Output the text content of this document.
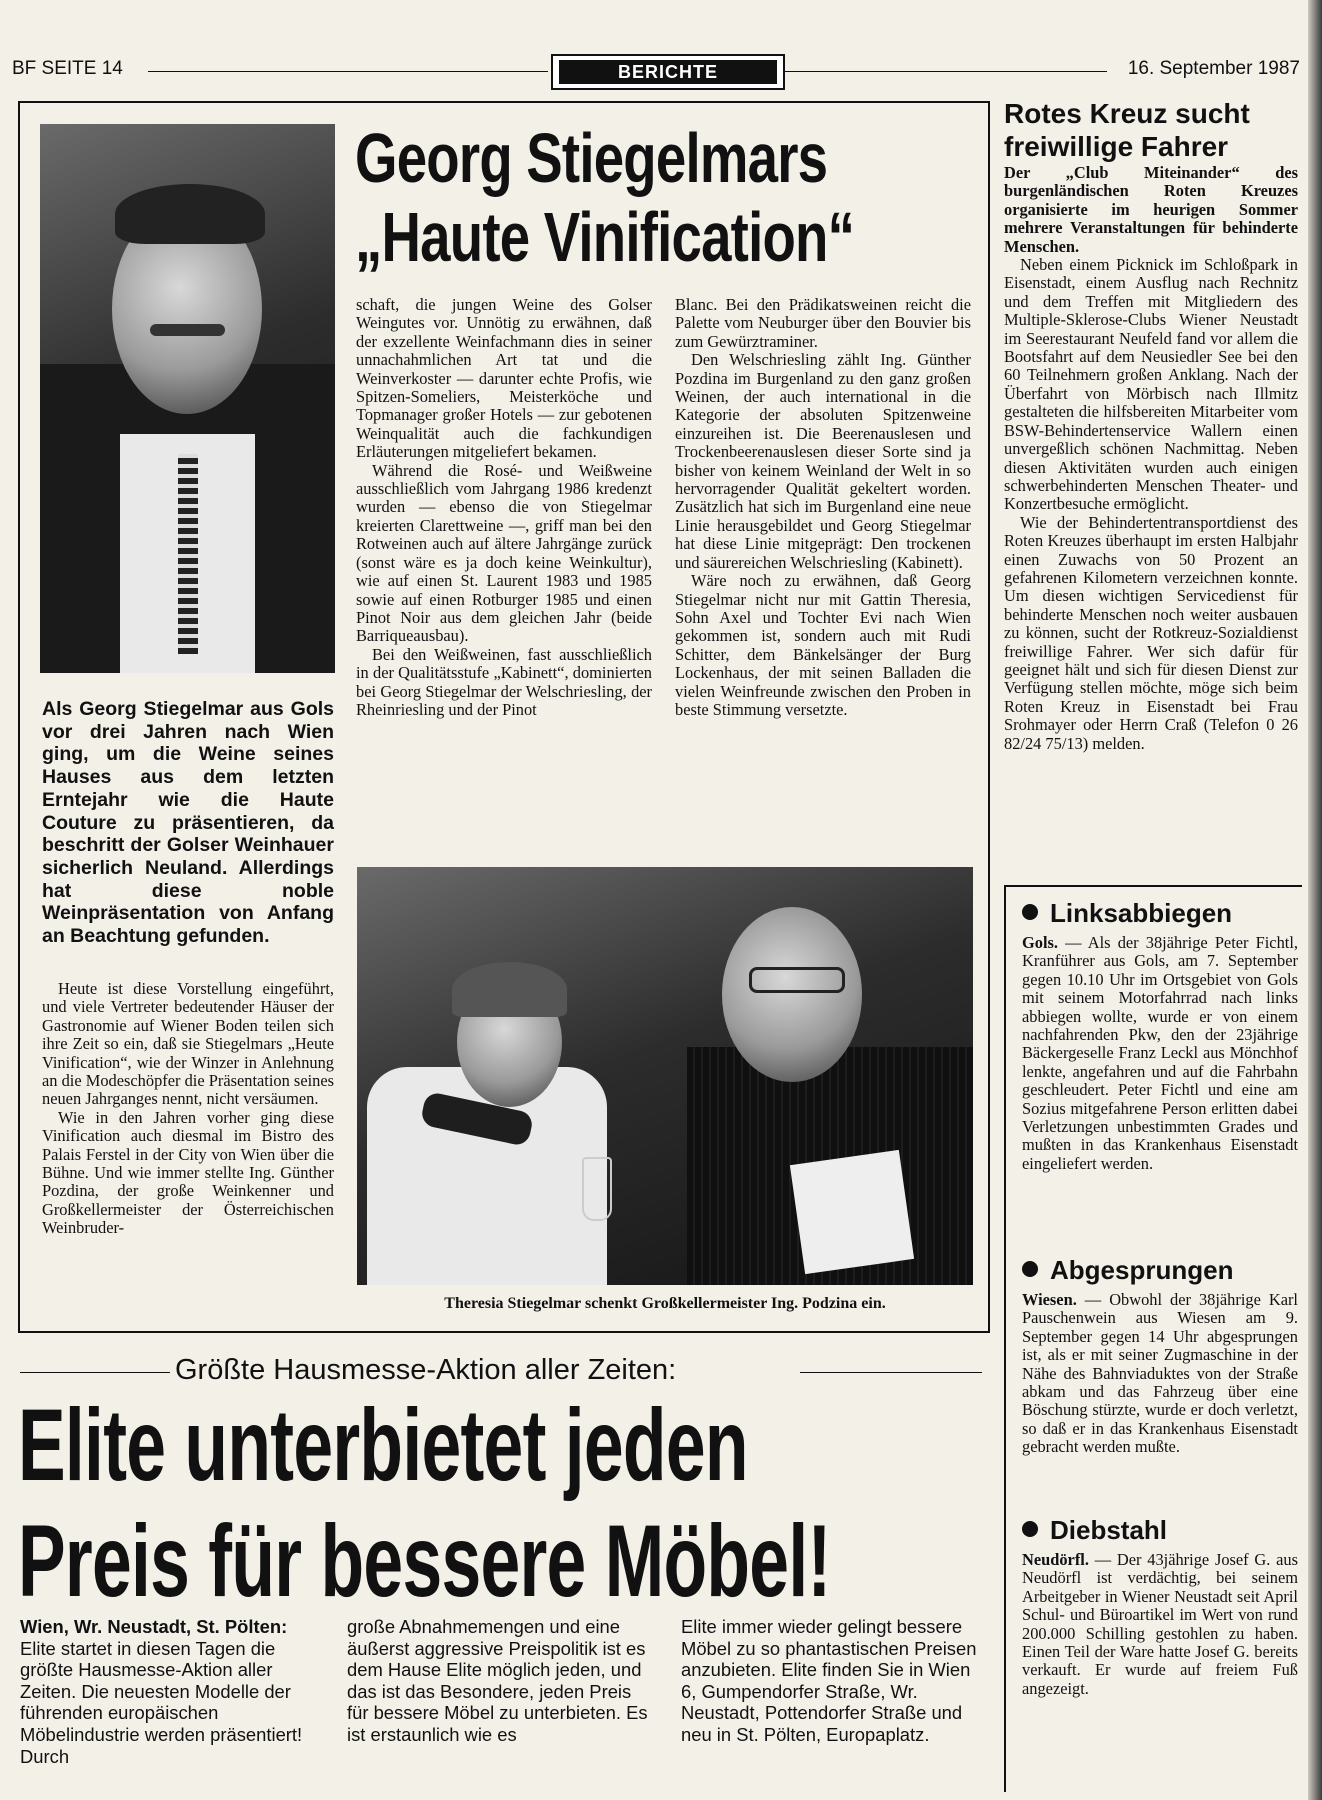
BF SEITE 14	BERICHTE	16. September 1987
Georg Stiegelmars
„Haute Vinification“
Als Georg Stiegelmar aus Gols vor drei Jahren nach Wien ging, um die Weine seines Hauses aus dem letzten Erntejahr wie die Haute Couture zu präsentieren, da beschritt der Golser Weinhauer sicherlich Neuland. Allerdings hat diese noble Weinpräsentation von Anfang an Beachtung gefunden.

Heute ist diese Vorstellung eingeführt, und viele Vertreter bedeutender Häuser der Gastronomie auf Wiener Boden teilen sich ihre Zeit so ein, daß sie Stiegelmars „Heute Vinification“, wie der Winzer in Anlehnung an die Modeschöpfer die Präsentation seines neuen Jahrganges nennt, nicht versäumen.

Wie in den Jahren vorher ging diese Vinification auch diesmal im Bistro des Palais Ferstel in der City von Wien über die Bühne. Und wie immer stellte Ing. Günther Pozdina, der große Weinkenner und Großkellermeister der Österreichischen Weinbruder-

schaft, die jungen Weine des Golser Weingutes vor. Unnötig zu erwähnen, daß der exzellente Weinfachmann dies in seiner unnachahmlichen Art tat und die Weinverkoster — darunter echte Profis, wie Spitzen-Someliers, Meisterköche und Topmanager großer Hotels — zur gebotenen Weinqualität auch die fachkundigen Erläuterungen mitgeliefert bekamen.

Während die Rosé- und Weißweine ausschließlich vom Jahrgang 1986 kredenzt wurden — ebenso die von Stiegelmar kreierten Clarettweine —, griff man bei den Rotweinen auch auf ältere Jahrgänge zurück (sonst wäre es ja doch keine Weinkultur), wie auf einen St. Laurent 1983 und 1985 sowie auf einen Rotburger 1985 und einen Pinot Noir aus dem gleichen Jahr (beide Barriqueausbau).

Bei den Weißweinen, fast ausschließlich in der Qualitätsstufe „Kabinett“, dominierten bei Georg Stiegelmar der Welschriesling, der Rheinriesling und der Pinot

Blanc. Bei den Prädikatsweinen reicht die Palette vom Neuburger über den Bouvier bis zum Gewürztraminer.

Den Welschriesling zählt Ing. Günther Pozdina im Burgenland zu den ganz großen Weinen, der auch international in die Kategorie der absoluten Spitzenweine einzureihen ist. Die Beerenauslesen und Trockenbeerenauslesen dieser Sorte sind ja bisher von keinem Weinland der Welt in so hervorragender Qualität gekeltert worden. Zusätzlich hat sich im Burgenland eine neue Linie herausgebildet und Georg Stiegelmar hat diese Linie mitgeprägt: Den trockenen und säurereichen Welschriesling (Kabinett).

Wäre noch zu erwähnen, daß Georg Stiegelmar nicht nur mit Gattin Theresia, Sohn Axel und Tochter Evi nach Wien gekommen ist, sondern auch mit Rudi Schitter, dem Bänkelsänger der Burg Lockenhaus, der mit seinen Balladen die vielen Weinfreunde zwischen den Proben in beste Stimmung versetzte.

Theresia Stiegelmar schenkt Großkellermeister Ing. Podzina ein.
Rotes Kreuz sucht
freiwillige Fahrer

Der „Club Miteinander“ des burgenländischen Roten Kreuzes organisierte im heurigen Sommer mehrere Veranstaltungen für behinderte Menschen.

Neben einem Picknick im Schloßpark in Eisenstadt, einem Ausflug nach Rechnitz und dem Treffen mit Mitgliedern des Multiple-Sklerose-Clubs Wiener Neustadt im Seerestaurant Neufeld fand vor allem die Bootsfahrt auf dem Neusiedler See bei den 60 Teilnehmern großen Anklang. Nach der Überfahrt von Mörbisch nach Illmitz gestalteten die hilfsbereiten Mitarbeiter vom BSW-Behindertenservice Wallern einen unvergeßlich schönen Nachmittag. Neben diesen Aktivitäten wurden auch einigen schwerbehinderten Menschen Theater- und Konzertbesuche ermöglicht.

Wie der Behindertentransportdienst des Roten Kreuzes überhaupt im ersten Halbjahr einen Zuwachs von 50 Prozent an gefahrenen Kilometern verzeichnen konnte. Um diesen wichtigen Servicedienst für behinderte Menschen noch weiter ausbauen zu können, sucht der Rotkreuz-Sozialdienst freiwillige Fahrer. Wer sich dafür für geeignet hält und sich für diesen Dienst zur Verfügung stellen möchte, möge sich beim Roten Kreuz in Eisenstadt bei Frau Srohmayer oder Herrn Craß (Telefon 0 26 82/24 75/13) melden.

Linksabbiegen
Gols. — Als der 38jährige Peter Fichtl, Kranführer aus Gols, am 7. September gegen 10.10 Uhr im Ortsgebiet von Gols mit seinem Motorfahrrad nach links abbiegen wollte, wurde er von einem nachfahrenden Pkw, den der 23jährige Bäckergeselle Franz Leckl aus Mönchhof lenkte, angefahren und auf die Fahrbahn geschleudert. Peter Fichtl und eine am Sozius mitgefahrene Person erlitten dabei Verletzungen unbestimmten Grades und mußten in das Krankenhaus Eisenstadt eingeliefert werden.
Abgesprungen
Wiesen. — Obwohl der 38jährige Karl Pauschenwein aus Wiesen am 9. September gegen 14 Uhr abgesprungen ist, als er mit seiner Zugmaschine in der Nähe des Bahnviaduktes von der Straße abkam und das Fahrzeug über eine Böschung stürzte, wurde er doch verletzt, so daß er in das Krankenhaus Eisenstadt gebracht werden mußte.
Diebstahl
Neudörfl. — Der 43jährige Josef G. aus Neudörfl ist verdächtig, bei seinem Arbeitgeber in Wiener Neustadt seit April Schul- und Büroartikel im Wert von rund 200.000 Schilling gestohlen zu haben. Einen Teil der Ware hatte Josef G. bereits verkauft. Er wurde auf freiem Fuß angezeigt.
Größte Hausmesse-Aktion aller Zeiten:
Elite unterbietet jeden
Preis für bessere Möbel!
Wien, Wr. Neustadt, St. Pölten:
Elite startet in diesen Tagen die größte Hausmesse-Aktion aller Zeiten. Die neuesten Modelle der führenden europäischen Möbelindustrie werden präsentiert! Durch
große Abnahmemengen und eine äußerst aggressive Preispolitik ist es dem Hause Elite möglich jeden, und das ist das Besondere, jeden Preis für bessere Möbel zu unterbieten. Es ist erstaunlich wie es
Elite immer wieder gelingt bessere Möbel zu so phantastischen Preisen anzubieten. Elite finden Sie in Wien 6, Gumpendorfer Straße, Wr. Neustadt, Pottendorfer Straße und neu in St. Pölten, Europaplatz.
